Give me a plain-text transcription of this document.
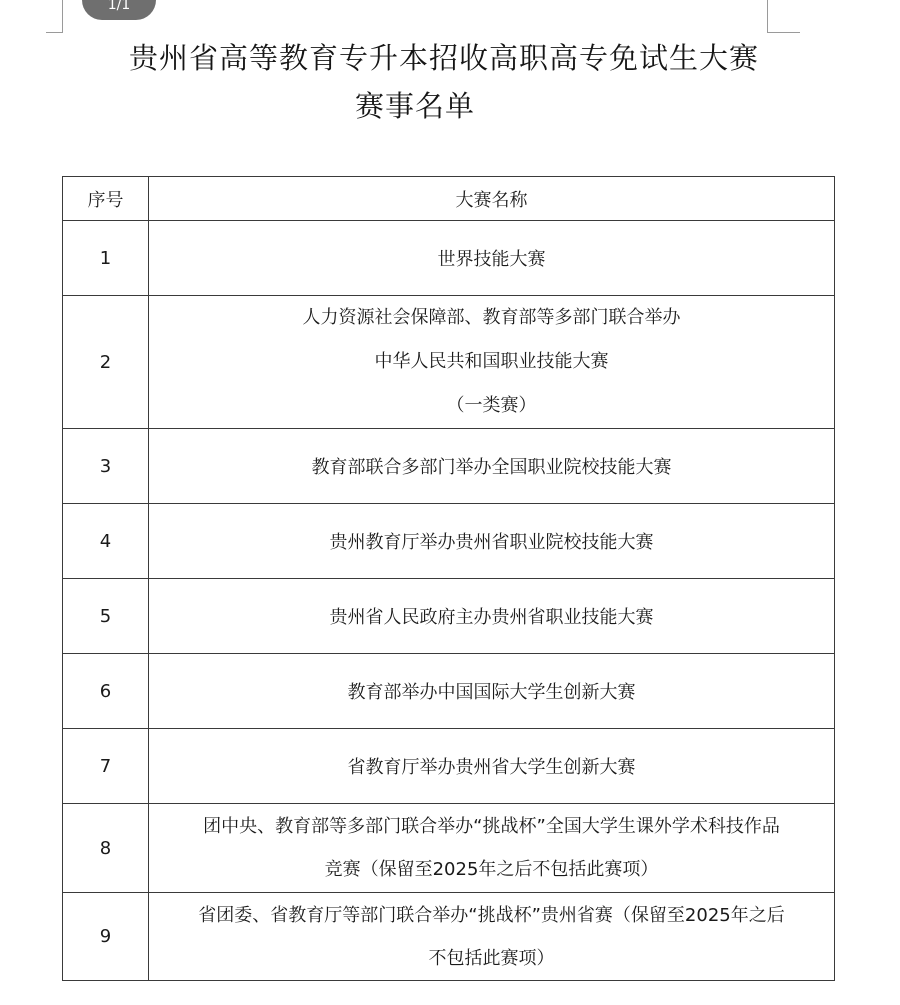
1/1
贵州省高等教育专升本招收高职高专免试生大赛
赛事名单
序号	大赛名称
1	世界技能大赛

2	人力资源社会保障部、教育部等多部门联合举办
中华人民共和国职业技能大赛
（一类赛）

3	教育部联合多部门举办全国职业院校技能大赛

4	贵州教育厅举办贵州省职业院校技能大赛

5	贵州省人民政府主办贵州省职业技能大赛

6	教育部举办中国国际大学生创新大赛

7	省教育厅举办贵州省大学生创新大赛

8	团中央、教育部等多部门联合举办“挑战杯”全国大学生课外学术科技作品
竞赛（保留至2025年之后不包括此赛项）

9	省团委、省教育厅等部门联合举办“挑战杯”贵州省赛（保留至2025年之后
不包括此赛项）
